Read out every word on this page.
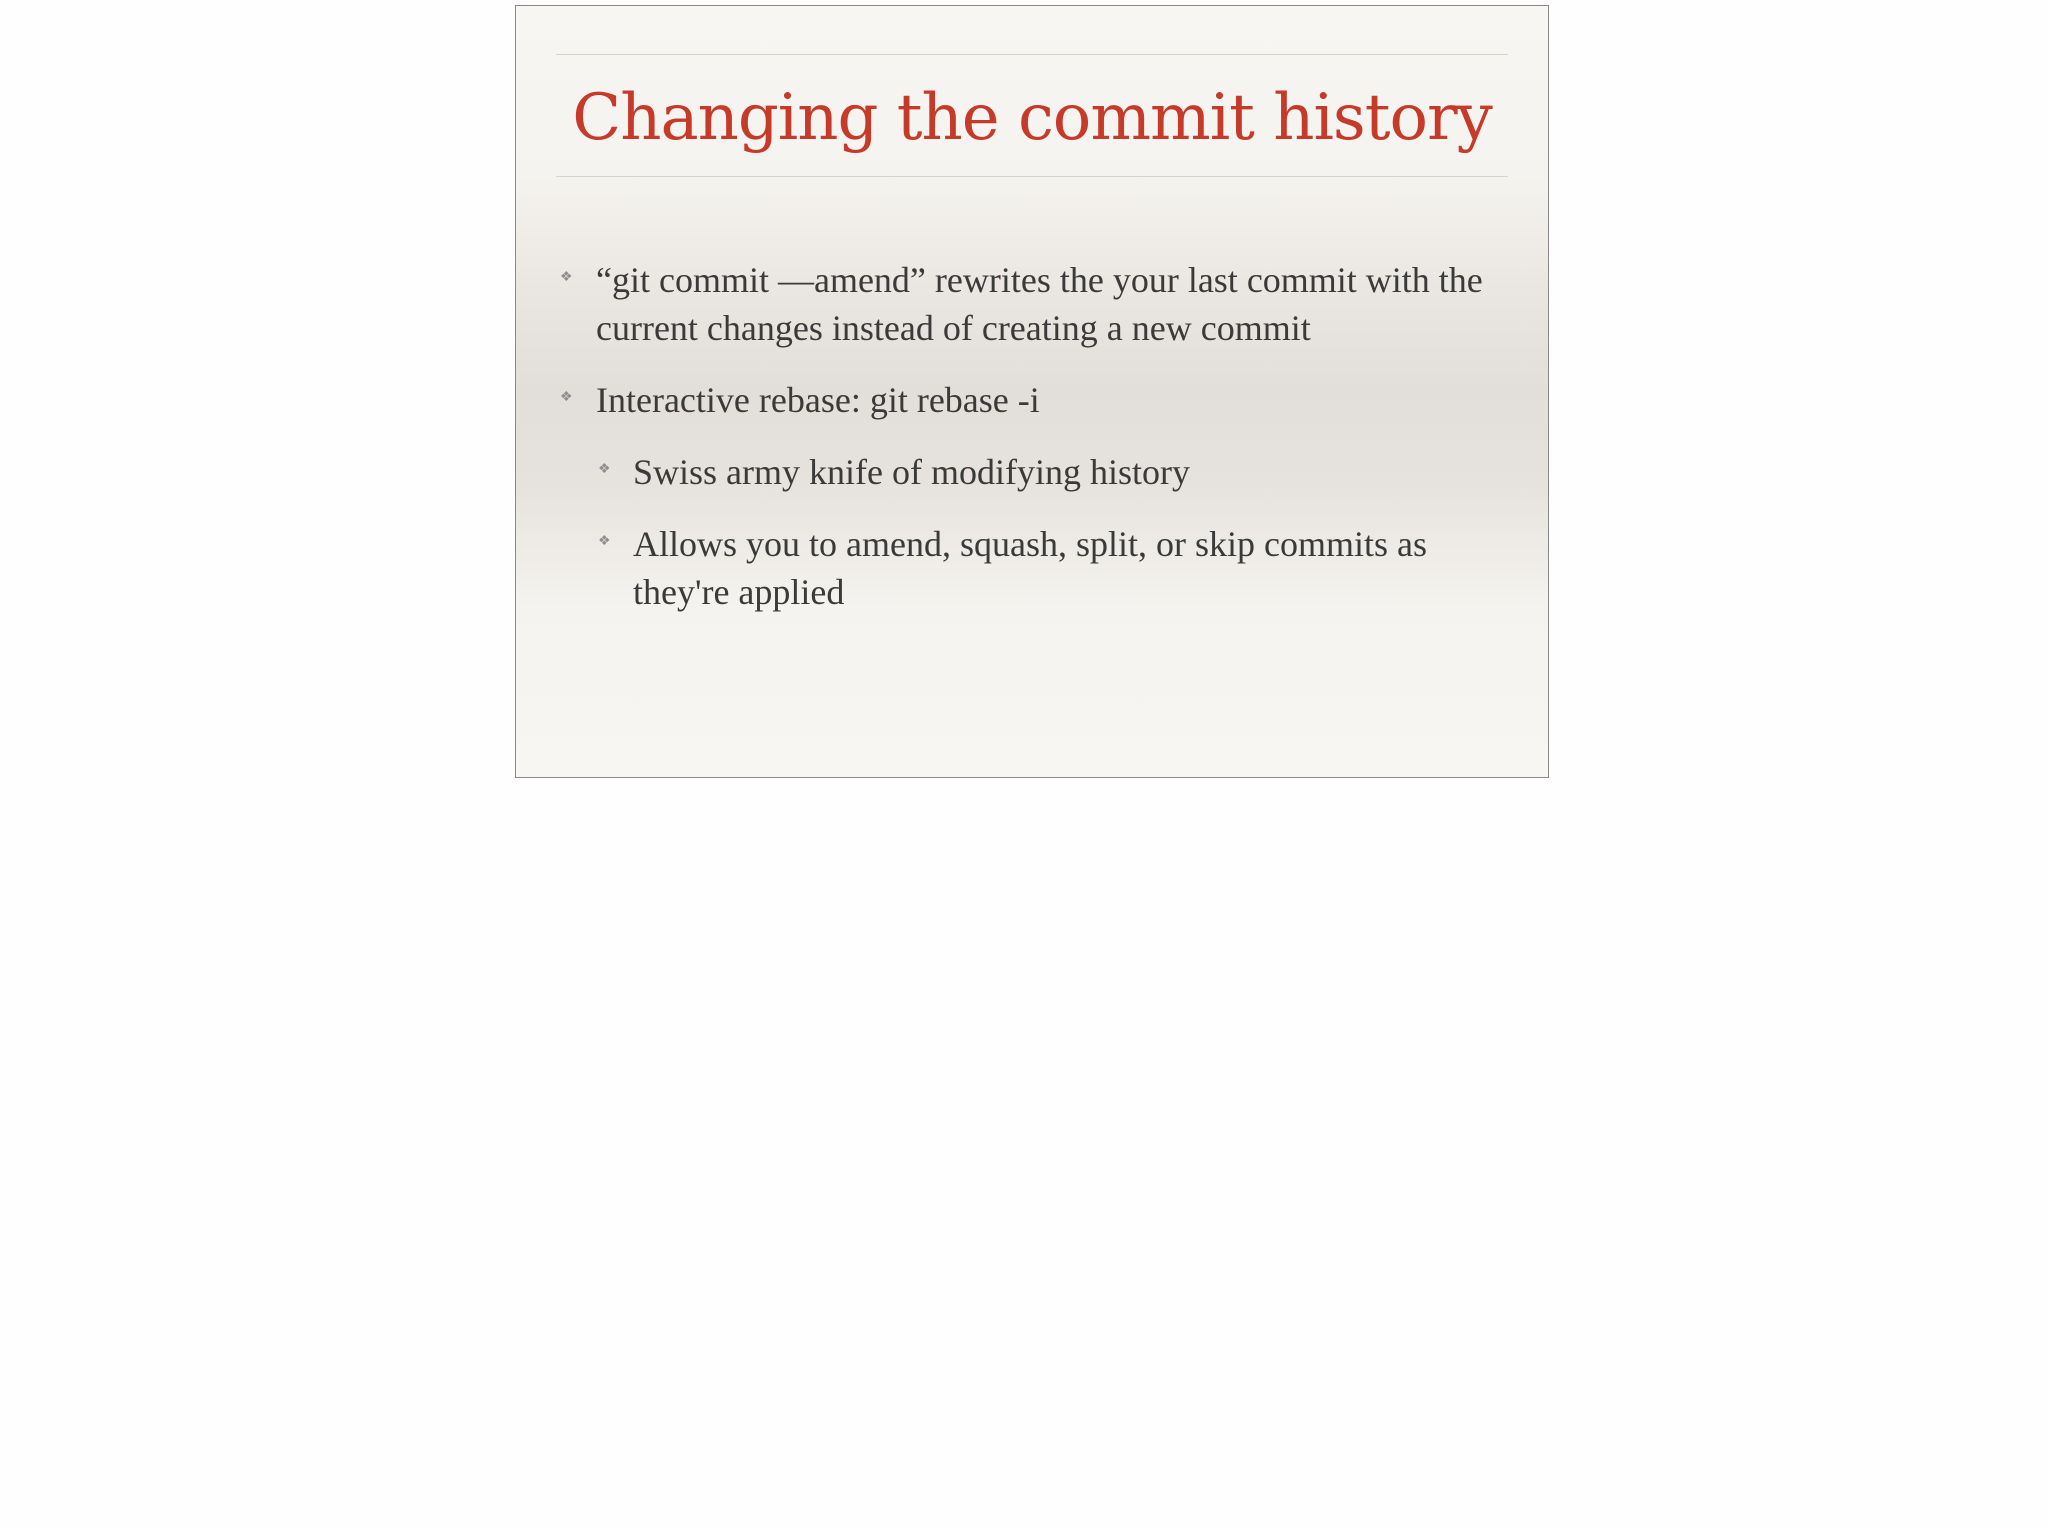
Changing the commit history
❖ “git commit —amend” rewrites the your last commit with the current changes instead of creating a new commit
❖ Interactive rebase: git rebase -i
❖ Swiss army knife of modifying history
❖ Allows you to amend, squash, split, or skip commits as they're applied
